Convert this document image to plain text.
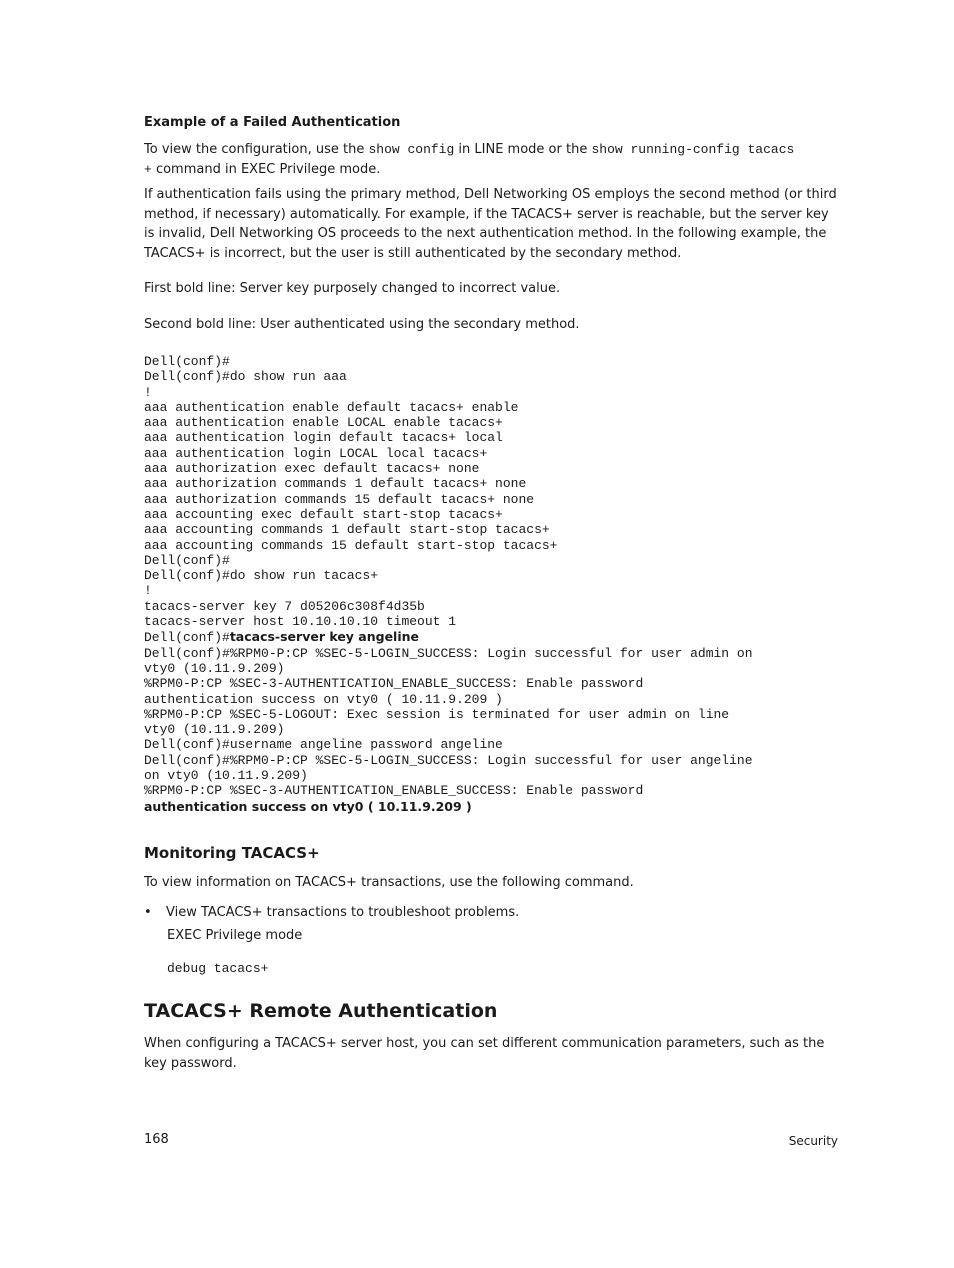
Example of a Failed Authentication

To view the configuration, use the show config in LINE mode or the show running-config tacacs
+ command in EXEC Privilege mode.

If authentication fails using the primary method, Dell Networking OS employs the second method (or third method, if necessary) automatically. For example, if the TACACS+ server is reachable, but the server key is invalid, Dell Networking OS proceeds to the next authentication method. In the following example, the TACACS+ is incorrect, but the user is still authenticated by the secondary method.

First bold line: Server key purposely changed to incorrect value.

Second bold line: User authenticated using the secondary method.

Dell(conf)#
Dell(conf)#do show run aaa
!
aaa authentication enable default tacacs+ enable
aaa authentication enable LOCAL enable tacacs+
aaa authentication login default tacacs+ local
aaa authentication login LOCAL local tacacs+
aaa authorization exec default tacacs+ none
aaa authorization commands 1 default tacacs+ none
aaa authorization commands 15 default tacacs+ none
aaa accounting exec default start-stop tacacs+
aaa accounting commands 1 default start-stop tacacs+
aaa accounting commands 15 default start-stop tacacs+
Dell(conf)#
Dell(conf)#do show run tacacs+
!
tacacs-server key 7 d05206c308f4d35b
tacacs-server host 10.10.10.10 timeout 1
Dell(conf)#tacacs-server key angeline
Dell(conf)#%RPM0-P:CP %SEC-5-LOGIN_SUCCESS: Login successful for user admin on
vty0 (10.11.9.209)
%RPM0-P:CP %SEC-3-AUTHENTICATION_ENABLE_SUCCESS: Enable password
authentication success on vty0 ( 10.11.9.209 )
%RPM0-P:CP %SEC-5-LOGOUT: Exec session is terminated for user admin on line
vty0 (10.11.9.209)
Dell(conf)#username angeline password angeline
Dell(conf)#%RPM0-P:CP %SEC-5-LOGIN_SUCCESS: Login successful for user angeline
on vty0 (10.11.9.209)
%RPM0-P:CP %SEC-3-AUTHENTICATION_ENABLE_SUCCESS: Enable password
authentication success on vty0 ( 10.11.9.209 )
Monitoring TACACS+

To view information on TACACS+ transactions, use the following command.

•	View TACACS+ transactions to troubleshoot problems.
EXEC Privilege mode
debug tacacs+
TACACS+ Remote Authentication

When configuring a TACACS+ server host, you can set different communication parameters, such as the key password.

168	Security
